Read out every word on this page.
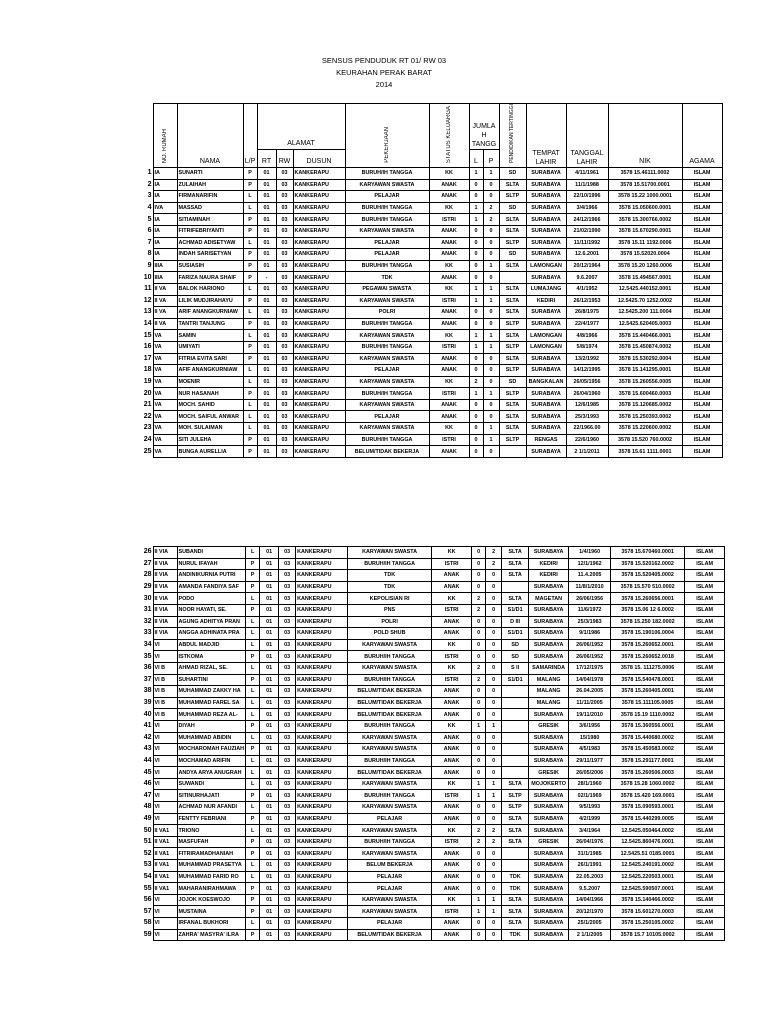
SENSUS PENDUDUK RT 01/ RW 03
KEURAHAN PERAK BARAT
2014
	NO. RUMAH	NAMA	L/P	ALAMAT			PEKERJAAN	STATUS KELUARGA	JUMLA H TANGG		PENDIDIKAN TERTINGGI	TEMPAT LAHIR	TANGGAL LAHIR	NIK	AGAMA
				RT	RW	DUSUN			L	P					
1	IA	SUNARTI	P	01	03	KANKERAPU	BURUH/IH TANGGA	KK	1	1	SD	SURABAYA	4/11/1961	3578 15.46111.0002	ISLAM
2	IA	ZULAIHAH	P	01	03	KANKERAPU	KARYAWAN SWASTA	ANAK	0	0	SLTA	SURABAYA	11/1/1988	3578 15.51700.0001	ISLAM
3	IA	FIRMANARIFIN	L	01	03	KANKERAPU	PELAJAR	ANAK	0	0	SLTP	SURABAYA	22/10/1996	3578 15.22 1000.0001	ISLAM
4	IVA	MASSAD	L	01	03	KANKERAPU	BURUH/IH TANGGA	KK	1	2	SD	SURABAYA	3/4/1966	3578 15.050600.0001	ISLAM
5	IA	SITIAMINAH	P	01	03	KANKERAPU	BURUH/IH TANGGA	ISTRI	1	2	SLTA	SURABAYA	24/12/1966	3578 15.300766.0002	ISLAM
6	IA	FITRIFEBRIYANTI	P	01	03	KANKERAPU	KARYAWAN SWASTA	ANAK	0	0	SLTA	SURABAYA	21/02/1990	3578 15.670290.0001	ISLAM
7	IA	ACHMAD ADISETYAW	L	01	03	KANKERAPU	PELAJAR	ANAK	0	0	SLTP	SURABAYA	11/11/1992	3578 15.11 1192.0006	ISLAM
8	IA	INDAH SARISETYAN	P	01	03	KANKERAPU	PELAJAR	ANAK	0	0	SD	SURABAYA	12.6.2001	3578 15.52020.0004	ISLAM
9	IIIA	SUSIASIH	P	01	03	KANKERAPU	BURUH/IH TANGGA	KK	0	1	SLTA	LAMONGAN	20/12/1964	3578 15.20 1260.0006	ISLAM
10	IIIA	FARIZA NAURA SHAIF	P	-	03	KANKERAPU	TDK	ANAK	0	0		SURABAYA	9.6.2007	3578 15.494567.0001	ISLAM
11	II VA	BALOK HARIONO	L	01	03	KANKERAPU	PEGAWAI SWASTA	KK	1	1	SLTA	LUMAJANG	4/1/1952	12.5425.440152.0001	ISLAM
12	II VA	LILIK MUDJIRAHAYU	P	01	03	KANKERAPU	KARYAWAN SWASTA	ISTRI	1	1	SLTA	KEDIRI	26/12/1953	12.5425.70 1252.0002	ISLAM
13	II VA	ARIF ANANGKURNIAW	L	01	03	KANKERAPU	POLRI	ANAK	0	0	SLTA	SURABAYA	26/8/1975	12.5425.200 111.0004	ISLAM
14	II VA	TANTRI TANJUNG	P	01	03	KANKERAPU	BURUH/IH TANGGA	ANAK	0	0	SLTP	SURABAYA	22/4/1977	12.5425.620405.0003	ISLAM
15	VA	SAMIN	L	01	03	KANKERAPU	KARYAWAN SWASTA	KK	1	1	SLTA	LAMONGAN	4/8/1966	3578 15.440466.0001	ISLAM
16	VA	UMIYATI	P	01	03	KANKERAPU	BURUH/IH TANGGA	ISTRI	1	1	SLTP	LAMONGAN	5/8/1974	3578 15.450874.0002	ISLAM
17	VA	FITRIA EVITA SARI	P	01	03	KANKERAPU	KARYAWAN SWASTA	ANAK	0	0	SLTA	SURABAYA	13/2/1992	3578 15.530292.0004	ISLAM
18	VA	AFIF ANANGKURNIAW	L	01	03	KANKERAPU	PELAJAR	ANAK	0	0	SLTP	SURABAYA	14/12/1995	3578 15.141295.0001	ISLAM
19	VA	MOENIR	L	01	03	KANKERAPU	KARYAWAN SWASTA	KK	2	0	SD	BANGKALAN	26/05/1956	3578 15.260556.0005	ISLAM
20	VA	NUR HASANAH	P	01	03	KANKERAPU	BURUH/IH TANGGA	ISTRI	1	1	SLTP	SURABAYA	26/04/1960	3578 15.600460.0003	ISLAM
21	VA	MOCH. SAHID	L	01	03	KANKERAPU	KARYAWAN SWASTA	ANAK	0	0	SLTA	SURABAYA	12/6/1985	3578 15.120685.0002	ISLAM
22	VA	MOCH. SAIFUL ANWAR	L	01	03	KANKERAPU	PELAJAR	ANAK	0	0	SLTA	SURABAYA	25/3/1993	3578 15.250393.0002	ISLAM
23	VA	MOH. SULAIMAN	L	01	03	KANKERAPU	KARYAWAN SWASTA	KK	0	1	SLTA	SURABAYA	22/1966.00	3578 15.220600.0002	ISLAM
24	VA	SITI JULEHA	P	01	03	KANKERAPU	BURUH/IH TANGGA	ISTRI	0	1	SLTP	RENGAS	22/6/1960	3578 15.520 760.0002	ISLAM
25	VA	BUNGA AURELLIA	P	01	03	KANKERAPU	BELUM/TIDAK BEKERJA	ANAK	0	0		SURABAYA	2 1/1/2011	3578 15.61 1111.0001	ISLAM
26	II VIA	SUBANDI	L	01	03	KANKERAPU	KARYAWAN SWASTA	KK	0	2	SLTA	SURABAYA	1/4/1960	3578 15.670460.0001	ISLAM
27	II VIA	NURUL IFAYAH	P	01	03	KANKERAPU	BURUH/IH TANGGA	ISTRI	0	2	SLTA	KEDIRI	12/1/1962	3578 15.520162.0002	ISLAM
28	II VIA	ANDINIKURNIA PUTRI	P	01	03	KANKERAPU	TDK	ANAK	0	0	SLTA	KEDIRI	11.4.2005	3578 15.520405.0002	ISLAM
29	II VIA	AMANDA FANDIYA SAF	P	01	03	KANKERAPU	TDK	ANAK	0	0		SURABAYA	11/8/1/2010	3578 15.570 510.0002	ISLAM
30	II VIA	PODO	L	01	03	KANKERAPU	KEPOLISIAN RI	KK	2	0	SLTA	MAGETAN	26/06/1956	3578 15.260656.0001	ISLAM
31	II VIA	NOOR HAYATI, SE.	P	01	03	KANKERAPU	PNS	ISTRI	2	0	S1/D1	SURABAYA	11/6/1972	3578 15.06 12 6.0002	ISLAM
32	II VIA	AGUNG ADHITYA PRAN	L	01	03	KANKERAPU	POLRI	ANAK	0	0	D III	SURABAYA	25/3/1983	3578 15.250 182.0002	ISLAM
33	II VIA	ANGGA ADHINATA PRA	L	01	03	KANKERAPU	POLD SHUB	ANAK	0	0	S1/D1	SURABAYA	9/1/1986	3578 15.190106.0004	ISLAM
34	VI	ABDUL MADJID	L	01	03	KANKERAPU	KARYAWAN SWASTA	KK	0	0	SD	SURABAYA	26/06/1952	3578 15.260652.0001	ISLAM
35	VI	ISTKOMA	P	01	03	KANKERAPU	BURUH/IH TANGGA	ISTRI	0	0	SD	SURABAYA	26/06/1952	3578 15.260652.0018	ISLAM
36	VI B	AHMAD RIZAL, SE.	L	01	03	KANKERAPU	KARYAWAN SWASTA	KK	2	0	S II	SAMARINDA	17/12/1975	3578 15. 111275.0006	ISLAM
37	VI B	SUHARTINI	P	01	03	KANKERAPU	BURUH/IH TANGGA	ISTRI	2	0	S1/D1	MALANG	14/04/1978	3578 15.540478.0001	ISLAM
38	VI B	MUHAMMAD ZAKKY HA	L	01	03	KANKERAPU	BELUM/TIDAK BEKERJA	ANAK	0	0		MALANG	26.04.2005	3578 15.260405.0001	ISLAM
39	VI B	MUHAMMAD FAREL SA	L	01	03	KANKERAPU	BELUM/TIDAK BEKERJA	ANAK	0	0		MALANG	11/11/2005	3578 15.111105.0005	ISLAM
40	VI B	MUHAMMAD REZA AL-	L	01	03	KANKERAPU	BELUM/TIDAK BEKERJA	ANAK	0	0		SURABAYA	19/11/2010	3578 15.19 1110.0002	ISLAM
41	VI	DIYAH	P	01	03	KANKERAPU	BURUH/IH TANGGA	KK	1	1		GRESIK	3/6/1956	3578 15.360556.0001	ISLAM
42	VI	MUHAMMAD ABIDIN	L	01	03	KANKERAPU	KARYAWAN SWASTA	ANAK	0	0		SURABAYA	15/1980	3578 15.440680.0002	ISLAM
43	VI	MOCHAROMAH FAUZIAH	P	01	03	KANKERAPU	KARYAWAN SWASTA	ANAK	0	0		SURABAYA	4/5/1983	3578 15.450583.0002	ISLAM
44	VI	MOCHAMAD ARIFIN	L	01	03	KANKERAPU	BURUH/IH TANGGA	ANAK	0	0		SURABAYA	29/11/1977	3578 15.291177.0001	ISLAM
45	VI	ANDYA ARYA ANUGRAH	L	01	03	KANKERAPU	BELUM/TIDAK BEKERJA	ANAK	0	0		GRESIK	26/05/2006	3578 15.260506.0003	ISLAM
46	VI	SUWANDI	L	01	03	KANKERAPU	KARYAWAN SWASTA	KK	1	1	SLTA	MOJOKERTO	28/1/1960	3578 15.28 1060.0002	ISLAM
47	VI	SITINURHAJATI	P	01	03	KANKERAPU	BURUH/IH TANGGA	ISTRI	1	1	SLTP	SURABAYA	02/1/1969	3578 15.420 169.0001	ISLAM
48	VI	ACHMAD NUR AFANDI	L	01	03	KANKERAPU	KARYAWAN SWASTA	ANAK	0	0	SLTP	SURABAYA	9/5/1993	3578 15.090593.0001	ISLAM
49	VI	FENTTY FEBRIANI	P	01	03	KANKERAPU	PELAJAR	ANAK	0	0	SLTA	SURABAYA	4/2/1999	3578 15.440299.0005	ISLAM
50	II VA1	TRIONO	L	01	03	KANKERAPU	KARYAWAN SWASTA	KK	2	2	SLTA	SURABAYA	3/4/1964	12.5425.050464.0002	ISLAM
51	II VA1	MASFUFAH	P	01	03	KANKERAPU	BURUH/IH TANGGA	ISTRI	2	2	SLTA	GRESIK	26/04/1976	12.5425.860476.0001	ISLAM
52	II VA1	FITRIRAMADHANIAH	P	01	03	KANKERAPU	KARYAWAN SWASTA	ANAK	0	0		SURABAYA	31/1/1985	12.5425.51 0185.0001	ISLAM
53	II VA1	MUHAMMAD PRASETYA	L	01	03	KANKERAPU	BELUM BEKERJA	ANAK	0	0		SURABAYA	26/1/1991	12.5425.240191.0002	ISLAM
54	II VA1	MUHAMMAD FARID RO	L	01	03	KANKERAPU	PELAJAR	ANAK	0	0	TDK	SURABAYA	22.05.2003	12.5425.220503.0001	ISLAM
55	II VA1	MAHARANIRAHMAWA	P	01	03	KANKERAPU	PELAJAR	ANAK	0	0	TDK	SURABAYA	9.5.2007	12.5425.590507.0001	ISLAM
56	VI	JOJOK KOESWOJO	P	01	03	KANKERAPU	KARYAWAN SWASTA	KK	1	1	SLTA	SURABAYA	14/04/1966	3578 15.140466.0002	ISLAM
57	VI	MUSTAINA	P	01	03	KANKERAPU	KARYAWAN SWASTA	ISTRI	1	1	SLTA	SURABAYA	20/12/1970	3578 15.601270.0003	ISLAM
58	VI	IRFANAL BUKHORI	L	01	03	KANKERAPU	PELAJAR	ANAK	0	0	SLTA	SURABAYA	25/1/2005	3578 15.250105.0002	ISLAM
59	VI	ZAHRA' MASYRA' ILRA	P	01	03	KANKERAPU	BELUM/TIDAK BEKERJA	ANAK	0	0	TDK	SURABAYA	2 1/1/2005	3578 15.7 10105.0002	ISLAM
